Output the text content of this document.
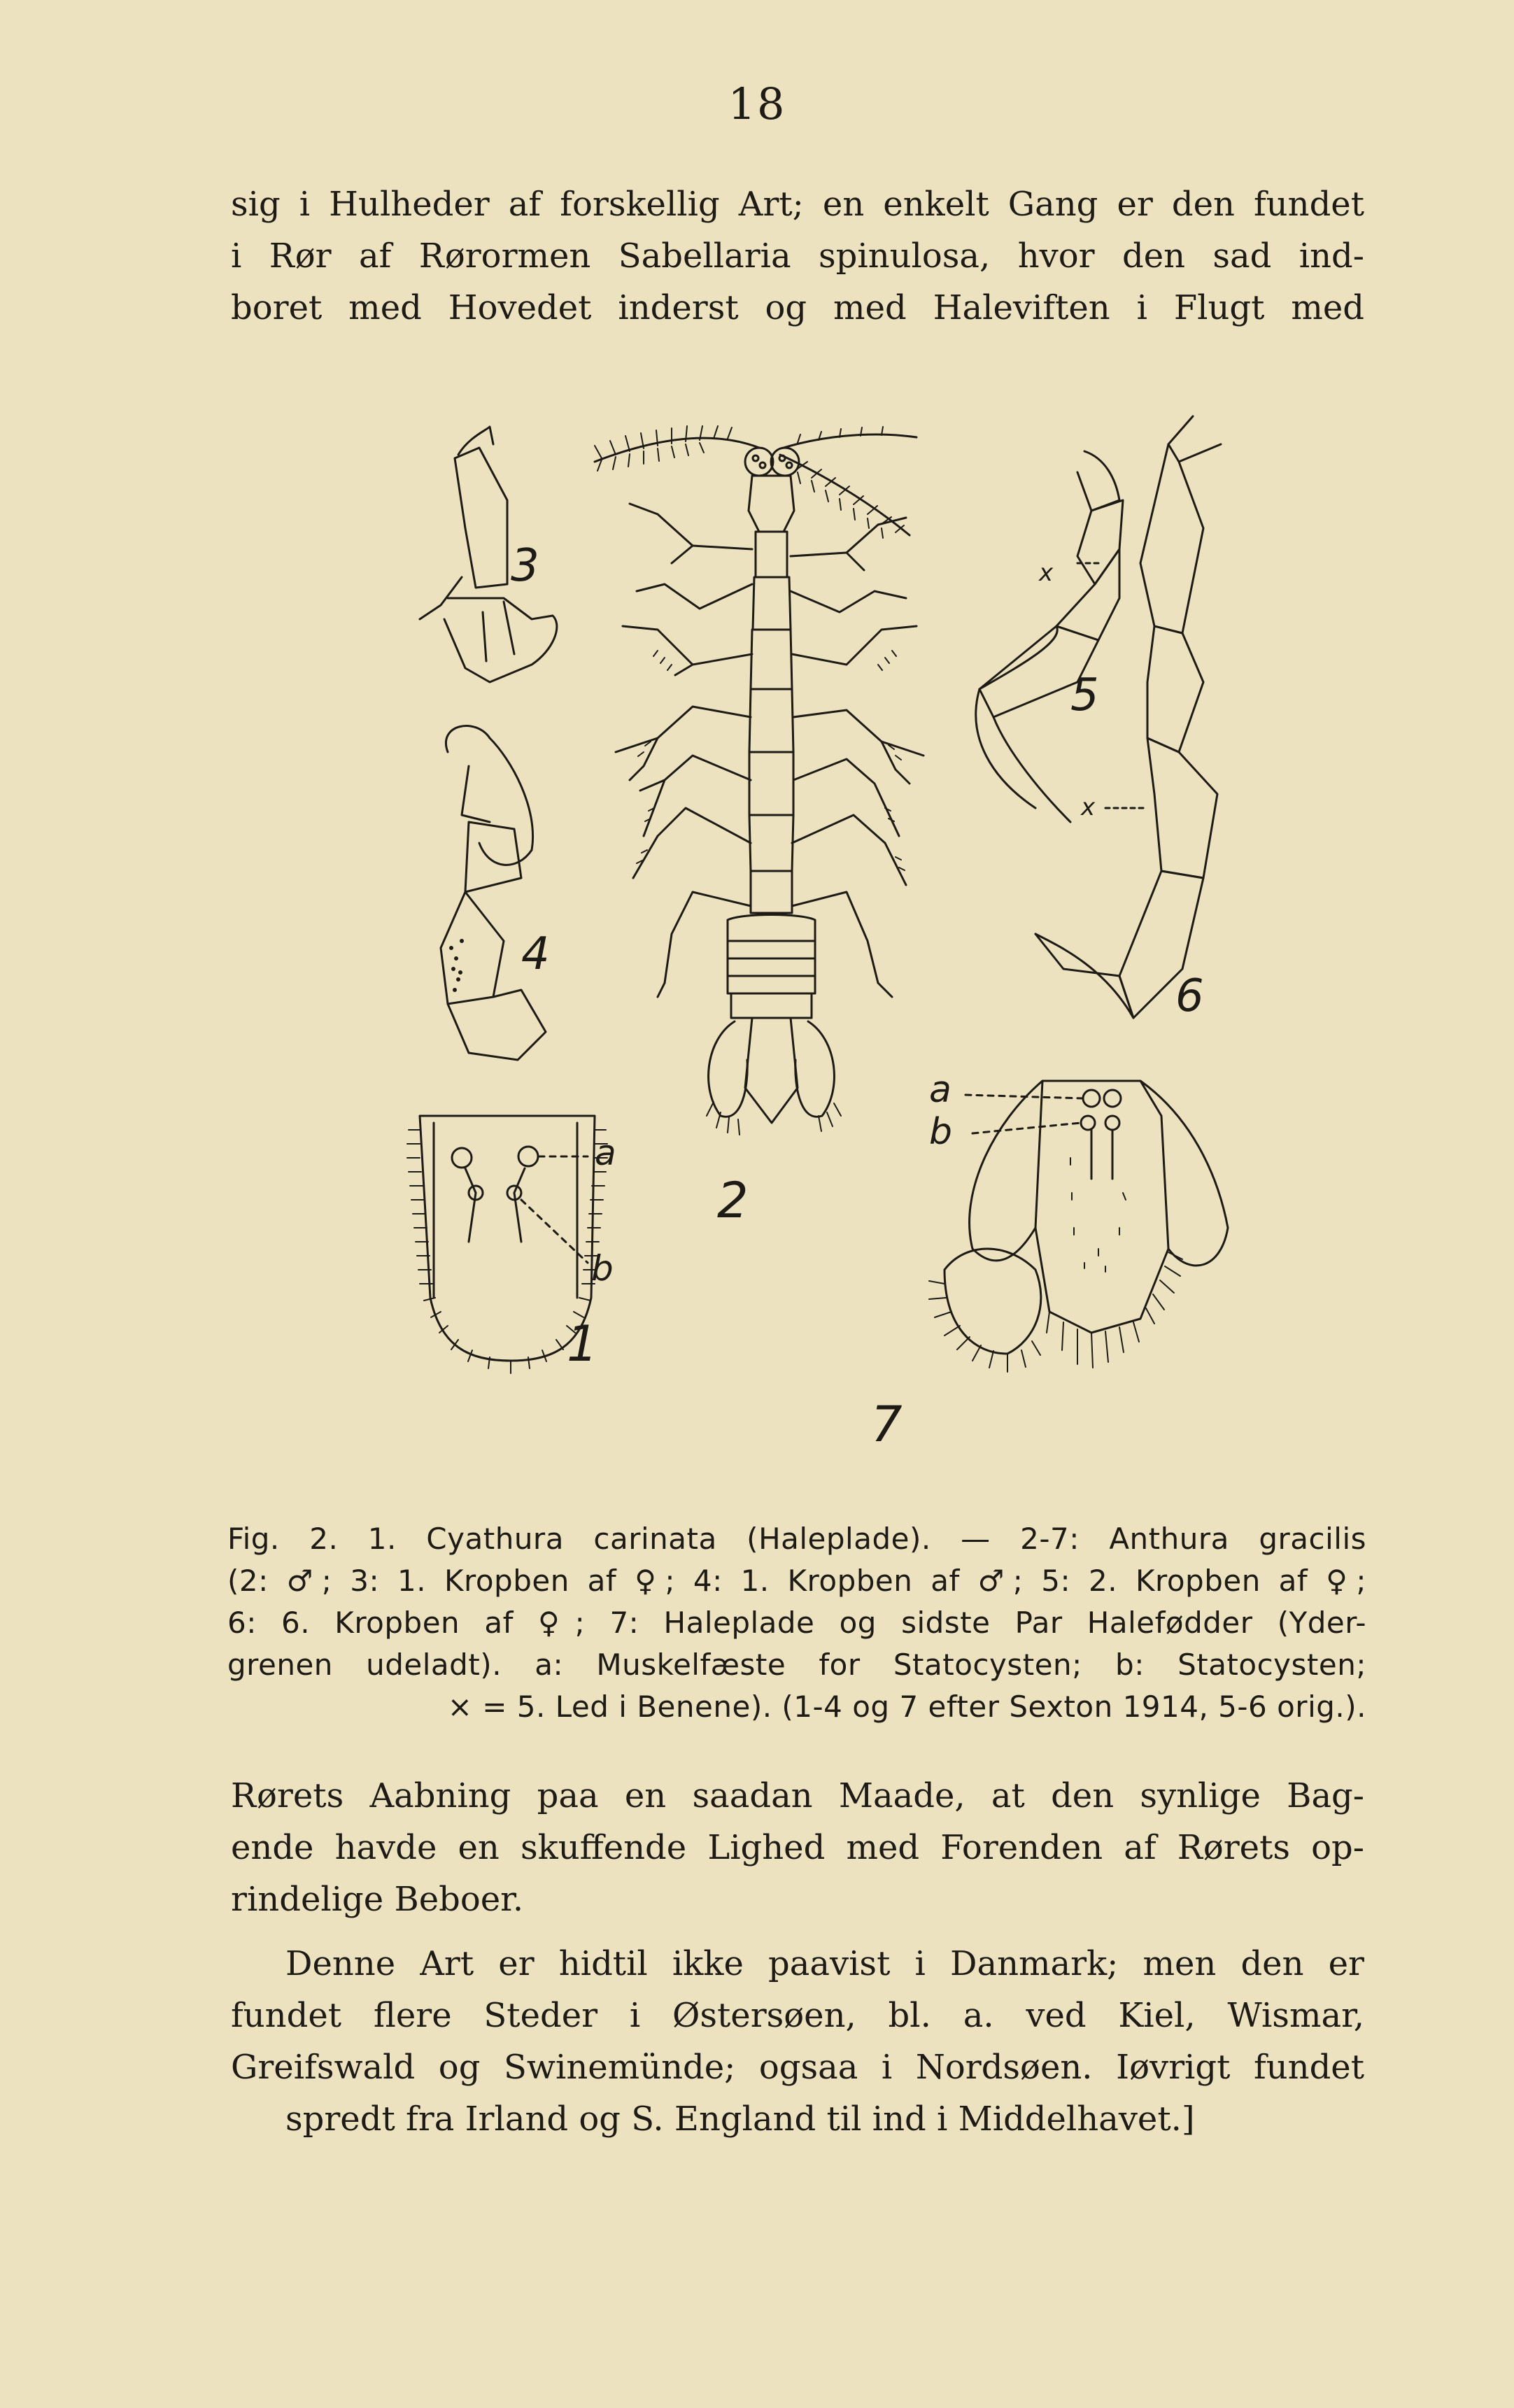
18

sig i Hulheder af forskellig Art; en enkelt Gang er den fundet
i Rør af Rørormen Sabellaria spinulosa, hvor den sad ind-
boret med Hovedet inderst og med Haleviften i Flugt med

2
3
4
a
b
1
x
5
x
6
a
b
7
Fig. 2. 1. Cyathura carinata (Haleplade). — 2-7: Anthura gracilis
(2: ♂; 3: 1. Kropben af ♀; 4: 1. Kropben af ♂; 5: 2. Kropben af ♀;
6: 6. Kropben af ♀; 7: Haleplade og sidste Par Halefødder (Yder-
grenen udeladt). a: Muskelfæste for Statocysten; b: Statocysten;
× = 5. Led i Benene). (1-4 og 7 efter Sexton 1914, 5-6 orig.).

Rørets Aabning paa en saadan Maade, at den synlige Bag-
ende havde en skuffende Lighed med Forenden af Rørets op-
rindelige Beboer.

Denne Art er hidtil ikke paavist i Danmark; men den er
fundet flere Steder i Østersøen, bl. a. ved Kiel, Wismar,
Greifswald og Swinemünde; ogsaa i Nordsøen. Iøvrigt fundet
spredt fra Irland og S. England til ind i Middelhavet.]
